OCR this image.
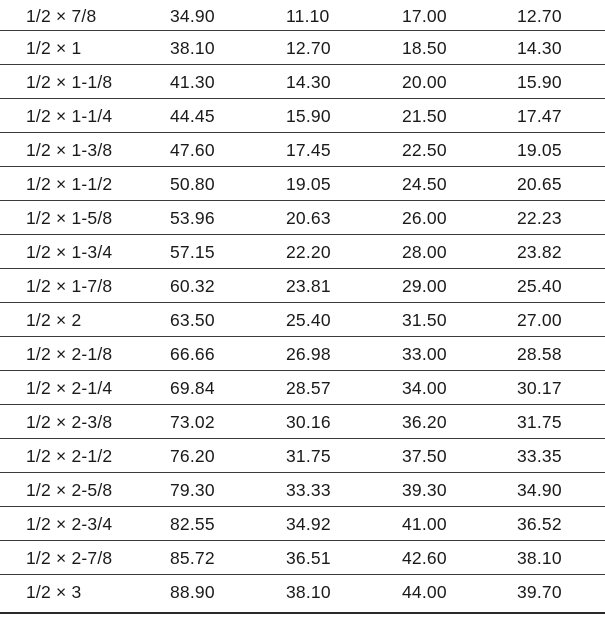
1/2 × 7/8	34.90	11.10	17.00	12.70
1/2 × 1	38.10	12.70	18.50	14.30
1/2 × 1-1/8	41.30	14.30	20.00	15.90
1/2 × 1-1/4	44.45	15.90	21.50	17.47
1/2 × 1-3/8	47.60	17.45	22.50	19.05
1/2 × 1-1/2	50.80	19.05	24.50	20.65
1/2 × 1-5/8	53.96	20.63	26.00	22.23
1/2 × 1-3/4	57.15	22.20	28.00	23.82
1/2 × 1-7/8	60.32	23.81	29.00	25.40
1/2 × 2	63.50	25.40	31.50	27.00
1/2 × 2-1/8	66.66	26.98	33.00	28.58
1/2 × 2-1/4	69.84	28.57	34.00	30.17
1/2 × 2-3/8	73.02	30.16	36.20	31.75
1/2 × 2-1/2	76.20	31.75	37.50	33.35
1/2 × 2-5/8	79.30	33.33	39.30	34.90
1/2 × 2-3/4	82.55	34.92	41.00	36.52
1/2 × 2-7/8	85.72	36.51	42.60	38.10
1/2 × 3	88.90	38.10	44.00	39.70
